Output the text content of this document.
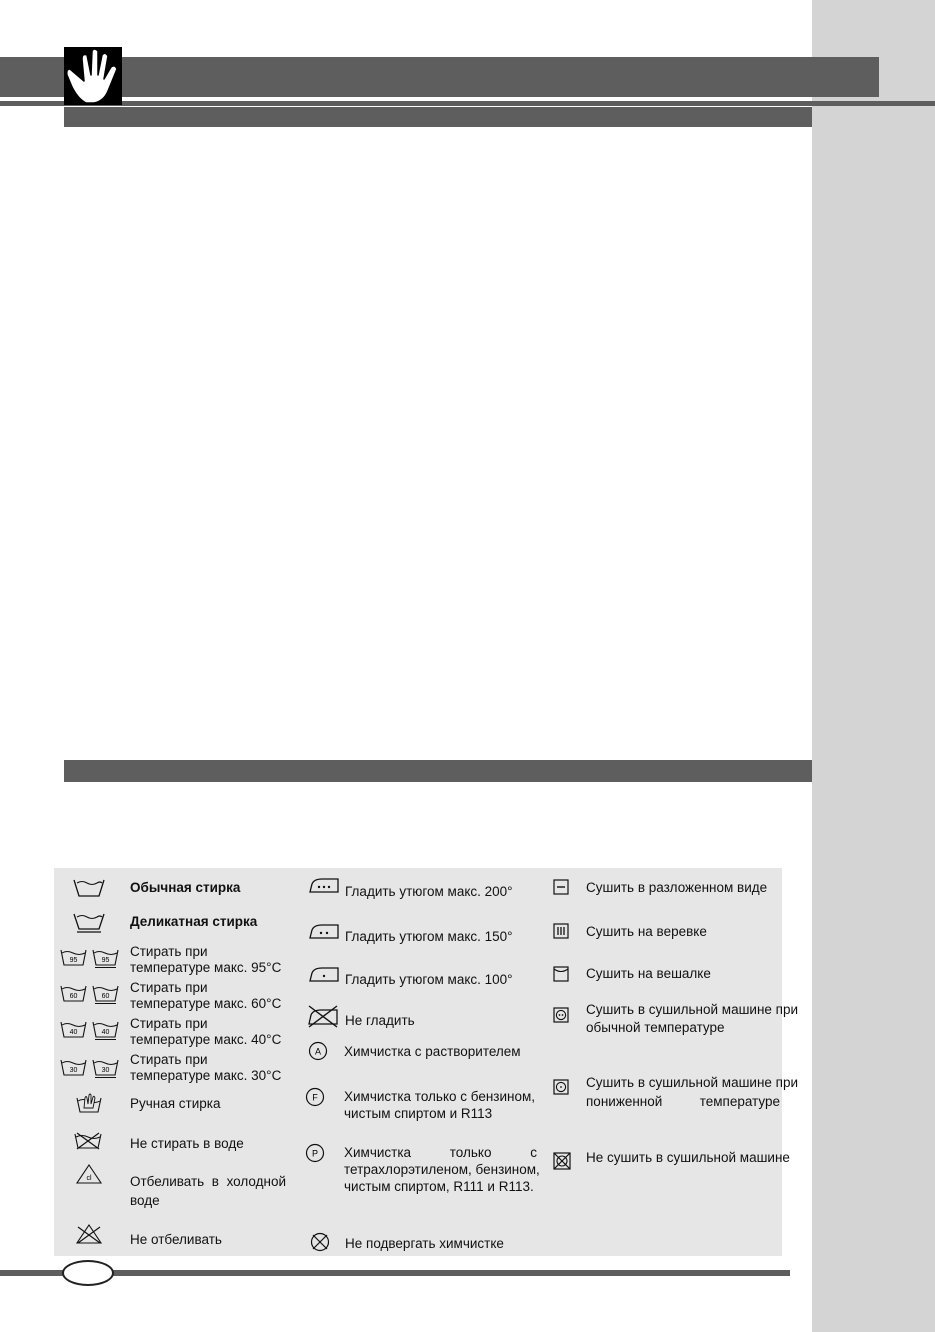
Обычная стирка
Деликатная стирка
95	95
Стирать при
температуре макс. 95°C
60	60
Стирать при
температуре макс. 60°C
40	40
Стирать при
температуре макс. 40°C
30	30
Стирать при
температуре макс. 30°C
Ручная стирка
Не стирать в воде
cl	Отбеливать в холодной
воде
Не отбеливать
Гладить утюгом макс. 200°
Гладить утюгом макс. 150°
Гладить утюгом макс. 100°
Не гладить
A Химчистка с растворителем
F Химчистка только с бензином,
чистым спиртом и R113
P Химчистка только с
тетрахлорэтиленом, бензином,
чистым спиртом, R111 и R113.
Не подвергать химчистке
Сушить в разложенном виде
Сушить на веревке
Сушить на вешалке
Сушить в сушильной машине при
обычной температуре
Сушить в сушильной машине при
пониженной температуре
Не сушить в сушильной машине
